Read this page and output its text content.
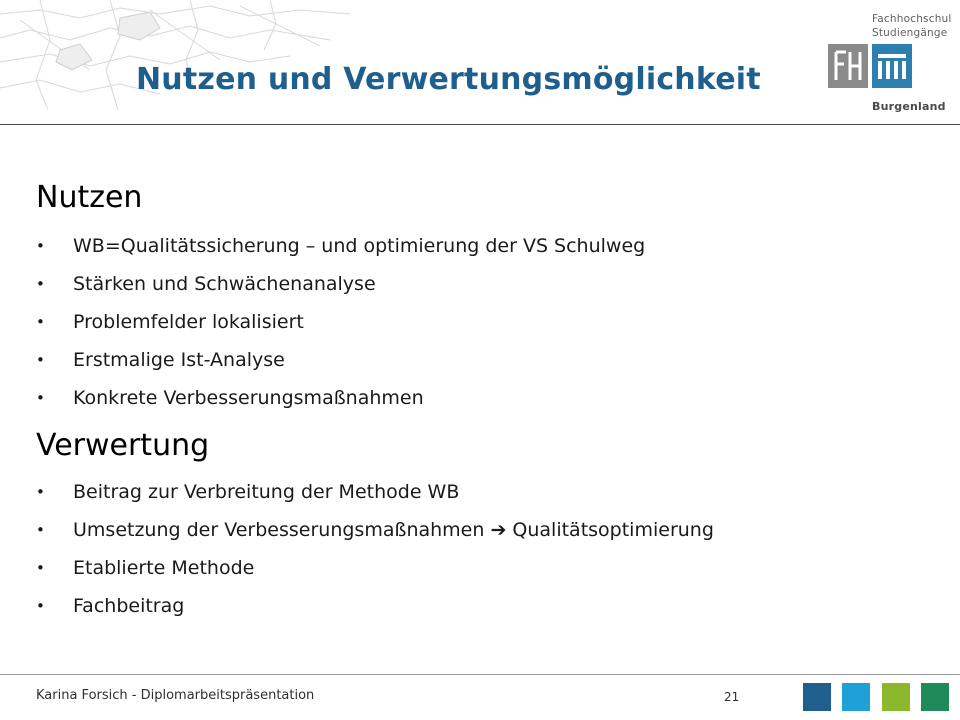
Nutzen und Verwertungsmöglichkeit
Fachhochschul
Studiengänge
Burgenland
Nutzen
• WB=Qualitätssicherung – und optimierung der VS Schulweg
• Stärken und Schwächenanalyse
• Problemfelder lokalisiert
• Erstmalige Ist-Analyse
• Konkrete Verbesserungsmaßnahmen
Verwertung
• Beitrag zur Verbreitung der Methode WB
• Umsetzung der Verbesserungsmaßnahmen ➔ Qualitätsoptimierung
• Etablierte Methode
• Fachbeitrag
Karina Forsich - Diplomarbeitspräsentation	21
